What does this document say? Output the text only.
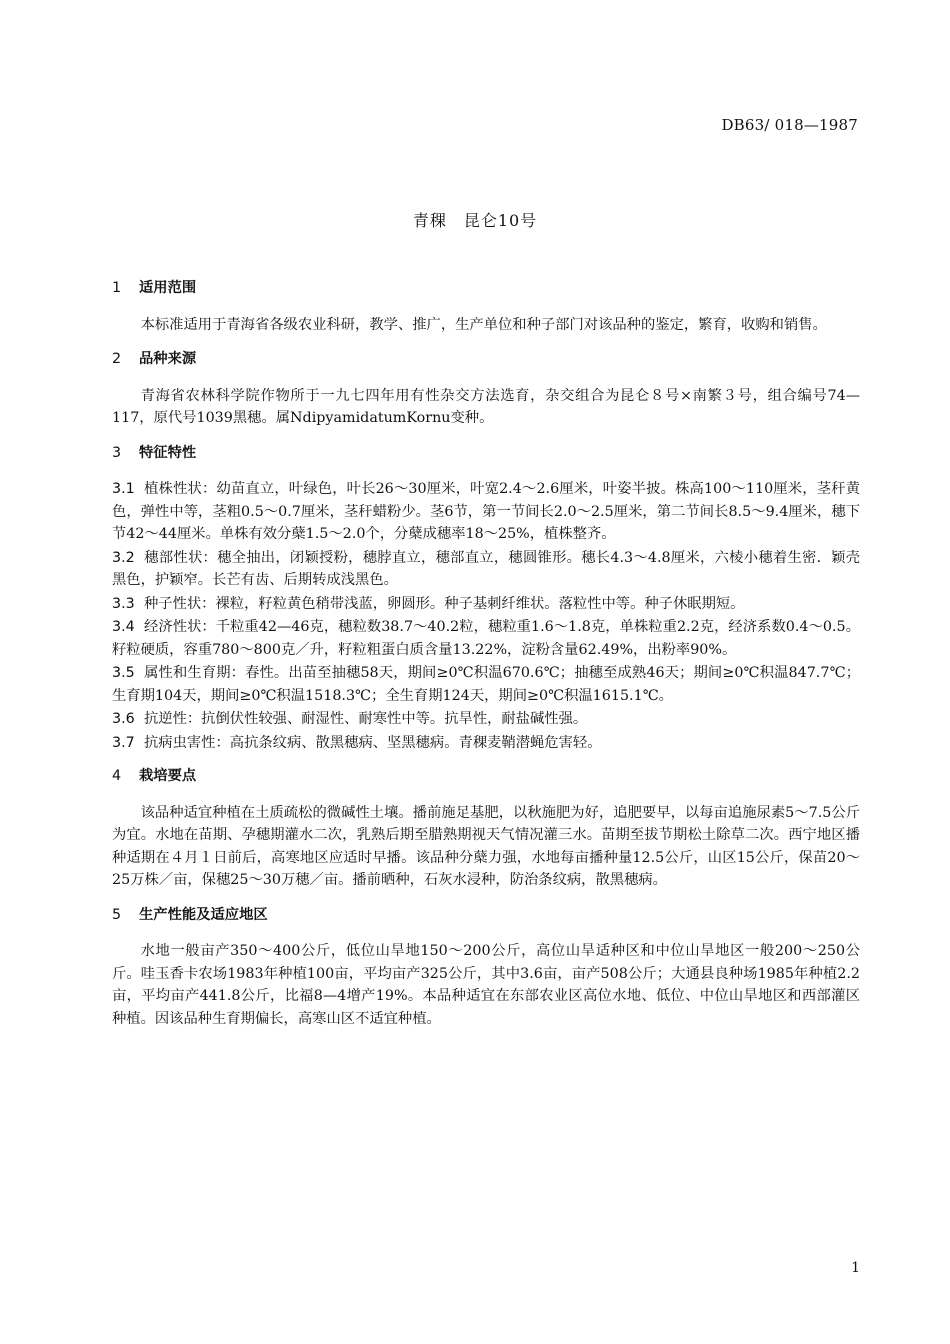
DB63/ 018—1987
青稞　昆仑10号
1 适用范围

本标准适用于青海省各级农业科研，教学、推广，生产单位和种子部门对该品种的鉴定，繁育，收购和销售。

2 品种来源

青海省农林科学院作物所于一九七四年用有性杂交方法选育，杂交组合为昆仑８号×南繁３号，组合编号74—117，原代号1039黑穗。属NdipyamidatumKornu变种。

3 特征特性

3.1 植株性状：幼苗直立，叶绿色，叶长26～30厘米，叶宽2.4～2.6厘米，叶姿半披。株高100～110厘米，茎秆黄色，弹性中等，茎粗0.5～0.7厘米，茎秆蜡粉少。茎6节，第一节间长2.0～2.5厘米，第二节间长8.5～9.4厘米，穗下节42～44厘米。单株有效分蘖1.5～2.0个，分蘖成穗率18～25%，植株整齐。

3.2 穗部性状：穗全抽出，闭颖授粉，穗脖直立，穗部直立，穗圆锥形。穗长4.3～4.8厘米，六棱小穗着生密．颖壳黑色，护颖窄。长芒有齿、后期转成浅黑色。

3.3 种子性状：裸粒，籽粒黄色稍带浅蓝，卵圆形。种子基刺纤维状。落粒性中等。种子休眠期短。

3.4 经济性状：千粒重42—46克，穗粒数38.7～40.2粒，穗粒重1.6～1.8克，单株粒重2.2克，经济系数0.4～0.5。籽粒硬质，容重780～800克／升，籽粒粗蛋白质含量13.22%，淀粉含量62.49%，出粉率90%。

3.5 属性和生育期：春性。出苗至抽穗58天，期间≥0℃积温670.6℃；抽穗至成熟46天；期间≥0℃积温847.7℃；生育期104天，期间≥0℃积温1518.3℃；全生育期124天，期间≥0℃积温1615.1℃。

3.6 抗逆性：抗倒伏性较强、耐湿性、耐寒性中等。抗旱性，耐盐碱性强。

3.7 抗病虫害性：高抗条纹病、散黑穗病、坚黑穗病。青稞麦鞘潜蝇危害轻。

4 栽培要点

该品种适宜种植在土质疏松的微碱性土壤。播前施足基肥，以秋施肥为好，追肥要早，以每亩追施尿素5～7.5公斤为宜。水地在苗期、孕穗期灌水二次，乳熟后期至腊熟期视天气情况灌三水。苗期至拔节期松土除草二次。西宁地区播种适期在４月１日前后，高寒地区应适时早播。该品种分蘖力强，水地每亩播种量12.5公斤，山区15公斤，保苗20～25万株／亩，保穗25～30万穗／亩。播前晒种，石灰水浸种，防治条纹病，散黑穗病。

5 生产性能及适应地区

水地一般亩产350～400公斤，低位山旱地150～200公斤，高位山旱适种区和中位山旱地区一般200～250公斤。哇玉香卡农场1983年种植100亩，平均亩产325公斤，其中3.6亩，亩产508公斤；大通县良种场1985年种植2.2亩，平均亩产441.8公斤，比福8—4增产19%。本品种适宜在东部农业区高位水地、低位、中位山旱地区和西部灌区种植。因该品种生育期偏长，高寒山区不适宜种植。

1
